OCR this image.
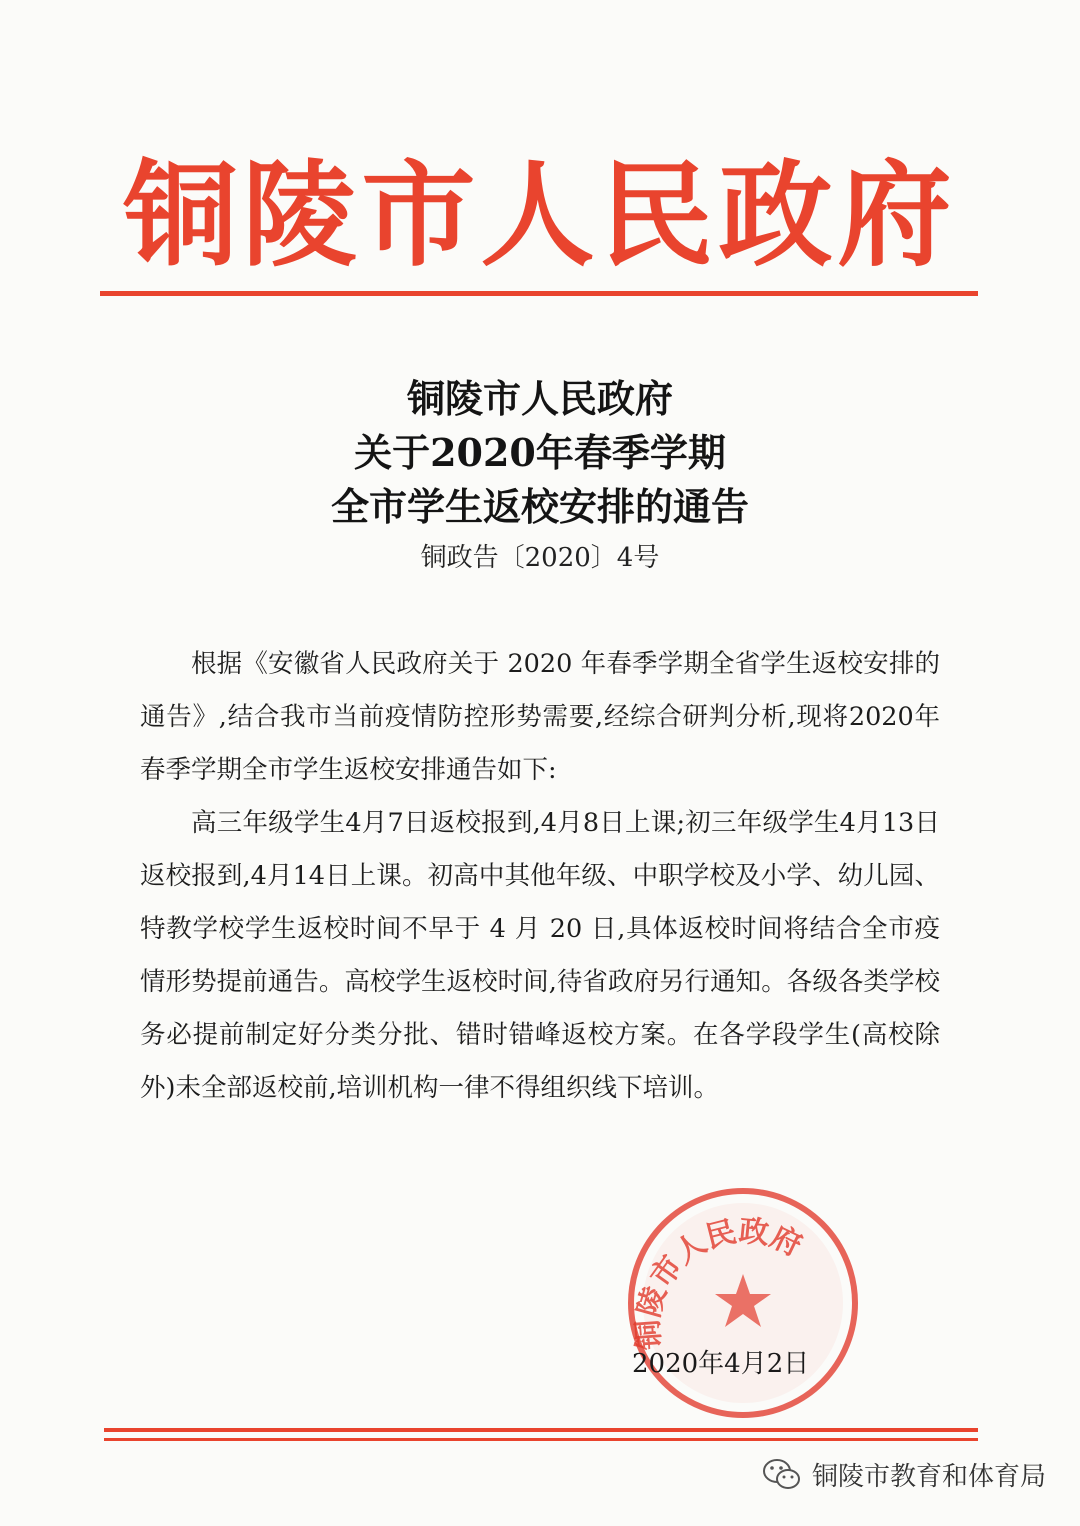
铜陵市人民政府
铜陵市人民政府
关于2020年春季学期
全市学生返校安排的通告
铜政告〔2020〕4号

根据《安徽省人民政府关于 2020 年春季学期全省学生返校安排的通告》,结合我市当前疫情防控形势需要,经综合研判分析,现将2020年春季学期全市学生返校安排通告如下:

高三年级学生4月7日返校报到,4月8日上课;初三年级学生4月13日返校报到,4月14日上课。初高中其他年级、中职学校及小学、幼儿园、特教学校学生返校时间不早于 4 月 20 日,具体返校时间将结合全市疫情形势提前通告。高校学生返校时间,待省政府另行通知。各级各类学校务必提前制定好分类分批、错时错峰返校方案。在各学段学生(高校除外)未全部返校前,培训机构一律不得组织线下培训。

铜陵市人民政府
2020年4月2日
铜陵市教育和体育局
